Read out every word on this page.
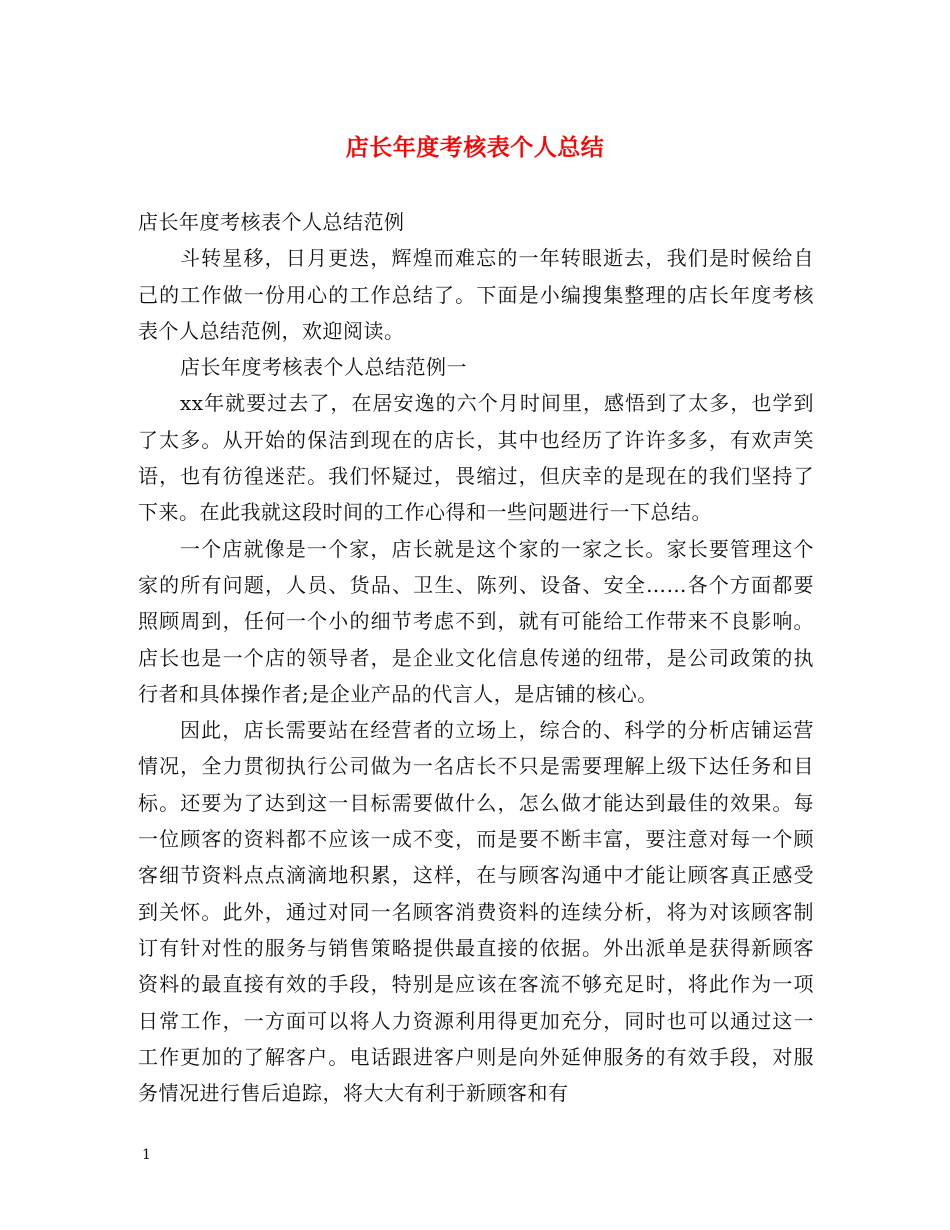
店长年度考核表个人总结

店长年度考核表个人总结范例

斗转星移，日月更迭，辉煌而难忘的一年转眼逝去，我们是时候给自己的工作做一份用心的工作总结了。下面是小编搜集整理的店长年度考核表个人总结范例，欢迎阅读。

店长年度考核表个人总结范例一

xx年就要过去了，在居安逸的六个月时间里，感悟到了太多，也学到了太多。从开始的保洁到现在的店长，其中也经历了许许多多，有欢声笑语，也有彷徨迷茫。我们怀疑过，畏缩过，但庆幸的是现在的我们坚持了下来。在此我就这段时间的工作心得和一些问题进行一下总结。

一个店就像是一个家，店长就是这个家的一家之长。家长要管理这个家的所有问题，人员、货品、卫生、陈列、设备、安全……各个方面都要照顾周到，任何一个小的细节考虑不到，就有可能给工作带来不良影响。店长也是一个店的领导者，是企业文化信息传递的纽带，是公司政策的执行者和具体操作者;是企业产品的代言人，是店铺的核心。

因此，店长需要站在经营者的立场上，综合的、科学的分析店铺运营情况，全力贯彻执行公司做为一名店长不只是需要理解上级下达任务和目标。还要为了达到这一目标需要做什么，怎么做才能达到最佳的效果。每一位顾客的资料都不应该一成不变，而是要不断丰富，要注意对每一个顾客细节资料点点滴滴地积累，这样，在与顾客沟通中才能让顾客真正感受到关怀。此外，通过对同一名顾客消费资料的连续分析，将为对该顾客制订有针对性的服务与销售策略提供最直接的依据。外出派单是获得新顾客资料的最直接有效的手段，特别是应该在客流不够充足时，将此作为一项日常工作，一方面可以将人力资源利用得更加充分，同时也可以通过这一工作更加的了解客户。电话跟进客户则是向外延伸服务的有效手段，对服务情况进行售后追踪，将大大有利于新顾客和有

1
